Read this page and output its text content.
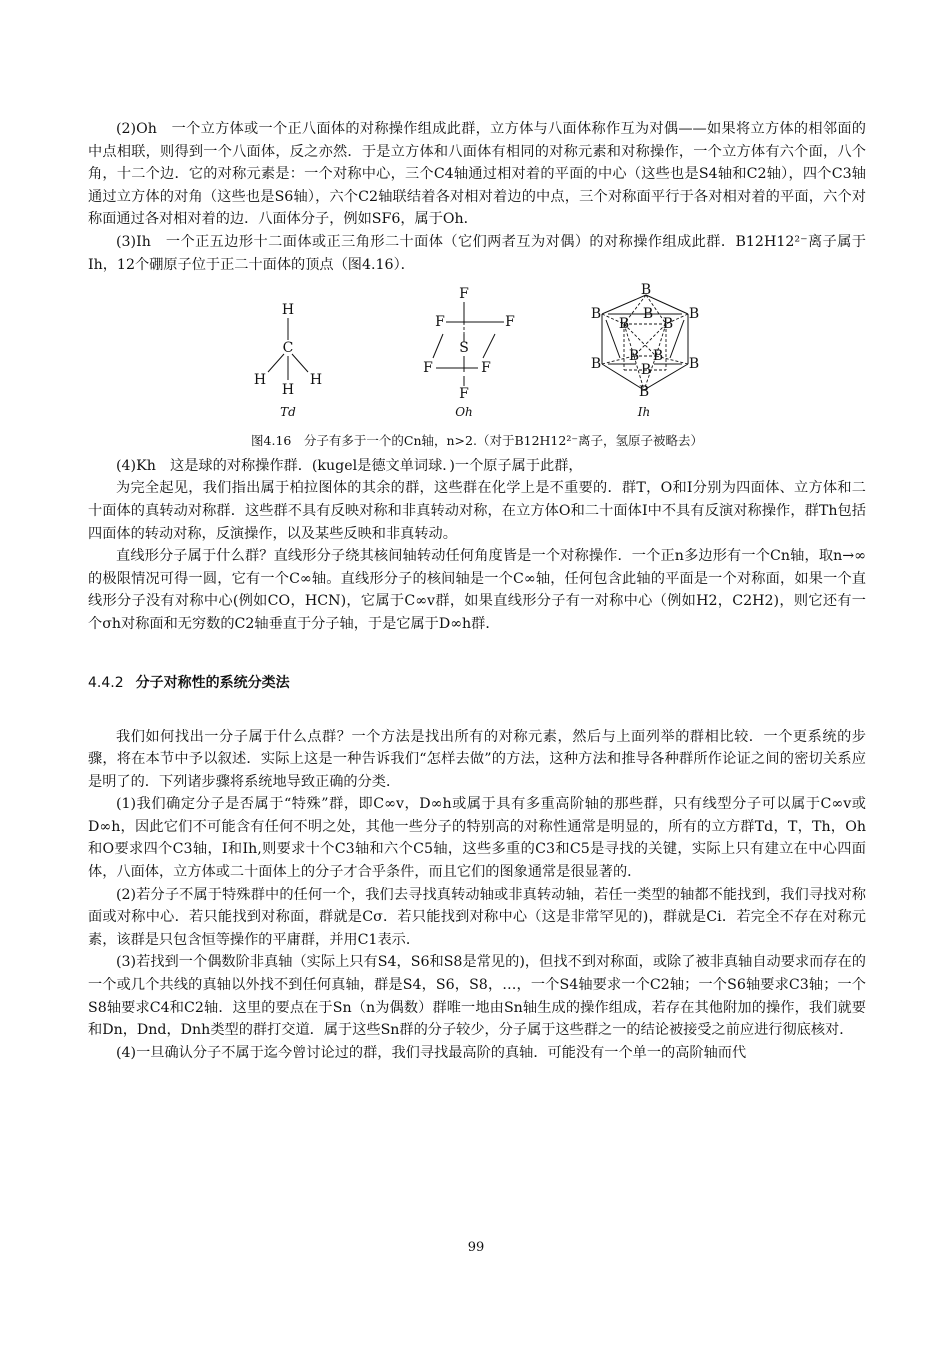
(2)Oh　一个立方体或一个正八面体的对称操作组成此群，立方体与八面体称作互为对偶——如果将立方体的相邻面的中点相联，则得到一个八面体，反之亦然．于是立方体和八面体有相同的对称元素和对称操作，一个立方体有六个面，八个角，十二个边．它的对称元素是：一个对称中心，三个C4轴通过相对着的平面的中心（这些也是S4轴和C2轴），四个C3轴通过立方体的对角（这些也是S6轴），六个C2轴联结着各对相对着边的中点，三个对称面平行于各对相对着的平面，六个对称面通过各对相对着的边．八面体分子，例如SF6，属于Oh．

(3)Ih　一个正五边形十二面体或正三角形二十面体（它们两者互为对偶）的对称操作组成此群．B12H12²⁻离子属于Ih，12个硼原子位于正二十面体的顶点（图4.16）．

H
C
H	H
H
F
F	F
S
F	F
F
B
B
B
B
B
B
B B B B
B
B
Td	Oh	Ih

图4.16　分子有多于一个的Cn轴，n>2.（对于B12H12²⁻离子，氢原子被略去）

(4)Kh　这是球的对称操作群．(kugel是德文单词球．)一个原子属于此群，

为完全起见，我们指出属于柏拉图体的其余的群，这些群在化学上是不重要的．群T，O和I分别为四面体、立方体和二十面体的真转动对称群．这些群不具有反映对称和非真转动对称，在立方体O和二十面体I中不具有反演对称操作，群Th包括四面体的转动对称，反演操作，以及某些反映和非真转动。

直线形分子属于什么群？直线形分子绕其核间轴转动任何角度皆是一个对称操作．一个正n多边形有一个Cn轴，取n→∞的极限情况可得一圆，它有一个C∞轴。直线形分子的核间轴是一个C∞轴，任何包含此轴的平面是一个对称面，如果一个直线形分子没有对称中心(例如CO，HCN)，它属于C∞v群，如果直线形分子有一对称中心（例如H2，C2H2)，则它还有一个σh对称面和无穷数的C2轴垂直于分子轴，于是它属于D∞h群．

4.4.2 分子对称性的系统分类法

我们如何找出一分子属于什么点群？一个方法是找出所有的对称元素，然后与上面列举的群相比较．一个更系统的步骤，将在本节中予以叙述．实际上这是一种告诉我们“怎样去做”的方法，这种方法和推导各种群所作论证之间的密切关系应是明了的．下列诸步骤将系统地导致正确的分类．

(1)我们确定分子是否属于“特殊”群，即C∞v，D∞h或属于具有多重高阶轴的那些群，只有线型分子可以属于C∞v或D∞h，因此它们不可能含有任何不明之处，其他一些分子的特别高的对称性通常是明显的，所有的立方群Td，T，Th，Oh和O要求四个C3轴，I和Ih,则要求十个C3轴和六个C5轴，这些多重的C3和C5是寻找的关键，实际上只有建立在中心四面体，八面体，立方体或二十面体上的分子才合乎条件，而且它们的图象通常是很显著的．

(2)若分子不属于特殊群中的任何一个，我们去寻找真转动轴或非真转动轴，若任一类型的轴都不能找到，我们寻找对称面或对称中心．若只能找到对称面，群就是Cσ．若只能找到对称中心（这是非常罕见的)，群就是Ci．若完全不存在对称元素，该群是只包含恒等操作的平庸群，并用C1表示．

(3)若找到一个偶数阶非真轴（实际上只有S4，S6和S8是常见的)，但找不到对称面，或除了被非真轴自动要求而存在的一个或几个共线的真轴以外找不到任何真轴，群是S4，S6，S8，…，一个S4轴要求一个C2轴；一个S6轴要求C3轴；一个S8轴要求C4和C2轴．这里的要点在于Sn（n为偶数）群唯一地由Sn轴生成的操作组成，若存在其他附加的操作，我们就要和Dn，Dnd，Dnh类型的群打交道．属于这些Sn群的分子较少，分子属于这些群之一的结论被接受之前应进行彻底核对．

(4)一旦确认分子不属于迄今曾讨论过的群，我们寻找最高阶的真轴．可能没有一个单一的高阶轴而代

99
